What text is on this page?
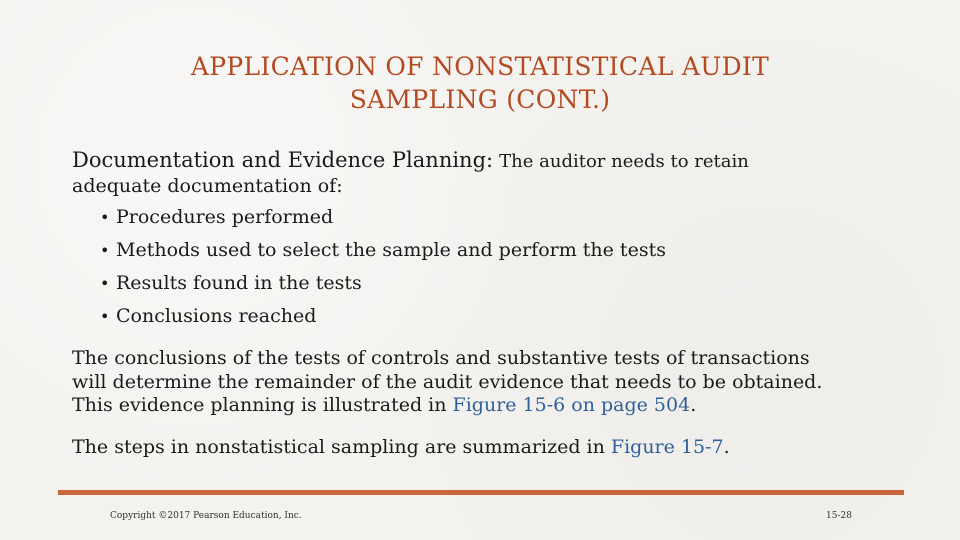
APPLICATION OF NONSTATISTICAL AUDIT
SAMPLING (CONT.)
Documentation and Evidence Planning: The auditor needs to retain
adequate documentation of:
• Procedures performed
• Methods used to select the sample and perform the tests
• Results found in the tests
• Conclusions reached
The conclusions of the tests of controls and substantive tests of transactions
will determine the remainder of the audit evidence that needs to be obtained.
This evidence planning is illustrated in Figure 15-6 on page 504.
The steps in nonstatistical sampling are summarized in Figure 15-7.
Copyright ©2017 Pearson Education, Inc.	15-28
